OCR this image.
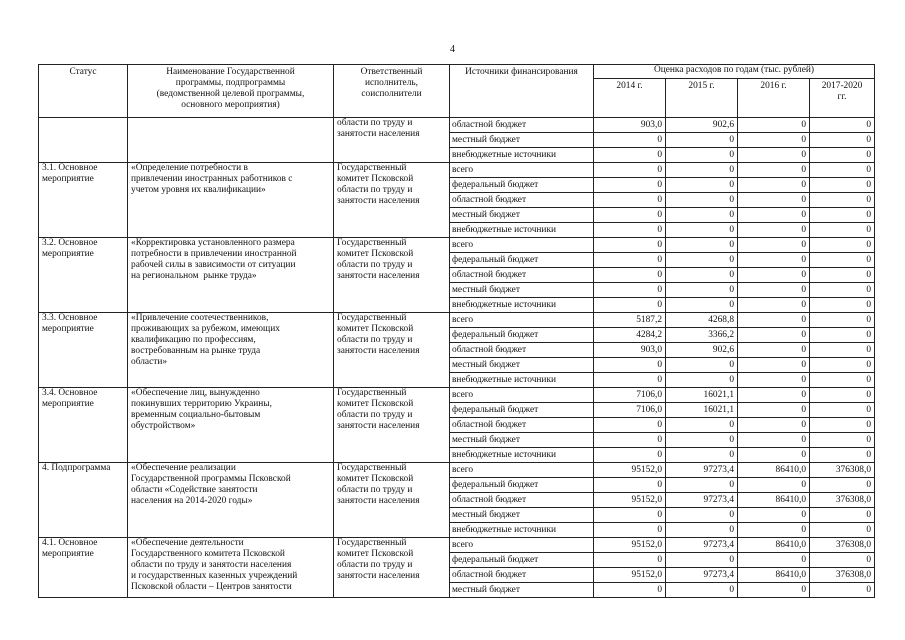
4
Статус	Наименование Государственной
программы, подпрограммы
(ведомственной целевой программы,
основного мероприятия)	Ответственный
исполнитель,
соисполнители	Источники финансирования	Оценка расходов по годам (тыс. рублей)			
				2014 г.	2015 г.	2016 г.	2017-2020
гг.
		области по труду и
занятости населения	областной бюджет	903,0	902,6	0	0
			местный бюджет	0	0	0	0
			внебюджетные источники	0	0	0	0
3.1. Основное
мероприятие	«Определение потребности в
привлечении иностранных работников с
учетом уровня их квалификации»	Государственный
комитет Псковской
области по труду и
занятости населения	всего	0	0	0	0
			федеральный бюджет	0	0	0	0
			областной бюджет	0	0	0	0
			местный бюджет	0	0	0	0
			внебюджетные источники	0	0	0	0
3.2. Основное
мероприятие	«Корректировка установленного размера
потребности в привлечении иностранной
рабочей силы в зависимости от ситуации
на региональном  рынке труда»	Государственный
комитет Псковской
области по труду и
занятости населения	всего	0	0	0	0
			федеральный бюджет	0	0	0	0
			областной бюджет	0	0	0	0
			местный бюджет	0	0	0	0
			внебюджетные источники	0	0	0	0
3.3. Основное
мероприятие	«Привлечение соотечественников,
проживающих за рубежом, имеющих
квалификацию по профессиям,
востребованным на рынке труда
области»	Государственный
комитет Псковской
области по труду и
занятости населения	всего	5187,2	4268,8	0	0
			федеральный бюджет	4284,2	3366,2	0	0
			областной бюджет	903,0	902,6	0	0
			местный бюджет	0	0	0	0
			внебюджетные источники	0	0	0	0
3.4. Основное
мероприятие	«Обеспечение лиц, вынужденно
покинувших территорию Украины,
временным социально-бытовым
обустройством»	Государственный
комитет Псковской
области по труду и
занятости населения	всего	7106,0	16021,1	0	0
			федеральный бюджет	7106,0	16021,1	0	0
			областной бюджет	0	0	0	0
			местный бюджет	0	0	0	0
			внебюджетные источники	0	0	0	0
4. Подпрограмма	«Обеспечение реализации
Государственной программы Псковской
области «Содействие занятости
населения на 2014-2020 годы»	Государственный
комитет Псковской
области по труду и
занятости населения	всего	95152,0	97273,4	86410,0	376308,0
			федеральный бюджет	0	0	0	0
			областной бюджет	95152,0	97273,4	86410,0	376308,0
			местный бюджет	0	0	0	0
			внебюджетные источники	0	0	0	0
4.1. Основное
мероприятие	«Обеспечение деятельности
Государственного комитета Псковской
области по труду и занятости населения
и государственных казенных учреждений
Псковской области – Центров занятости	Государственный
комитет Псковской
области по труду и
занятости населения	всего	95152,0	97273,4	86410,0	376308,0
			федеральный бюджет	0	0	0	0
			областной бюджет	95152,0	97273,4	86410,0	376308,0
			местный бюджет	0	0	0	0
